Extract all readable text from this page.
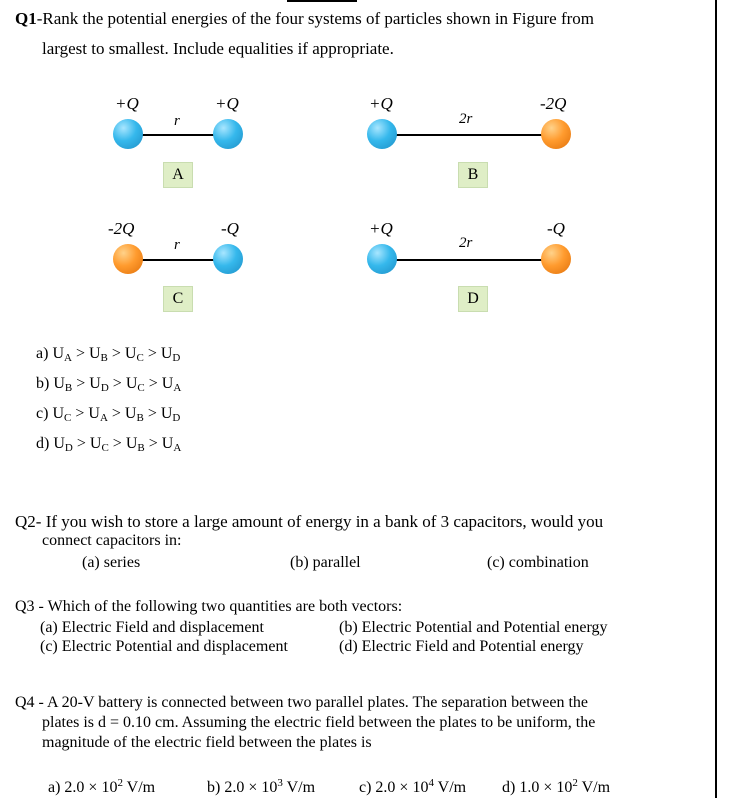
Q1-Rank the potential energies of the four systems of particles shown in Figure from
largest to smallest. Include equalities if appropriate.
+Q	+Q
r
A
+Q	-2Q
2r
B
-2Q	-Q
r
C
+Q	-Q
2r
D
a) $U_A > U_B > U_C > U_D$
b) $U_B > U_D > U_C > U_A$
c) $U_C > U_A > U_B > U_D$
d) $U_D > U_C > U_B > U_A$
Q2- If you wish to store a large amount of energy in a bank of 3 capacitors, would you
connect capacitors in:
(a) series	(b) parallel	(c) combination
Q3 - Which of the following two quantities are both vectors:
(a) Electric Field and displacement	(b) Electric Potential and Potential energy
(c) Electric Potential and displacement	(d) Electric Field and Potential energy
Q4 - A 20-V battery is connected between two parallel plates. The separation between the
plates is d = 0.10 cm. Assuming the electric field between the plates to be uniform, the
magnitude of the electric field between the plates is
a) $2.0 \times 10^2$ V/m	b) $2.0 \times 10^3$ V/m	c) $2.0 \times 10^4$ V/m d) $1.0 \times 10^2$ V/m
